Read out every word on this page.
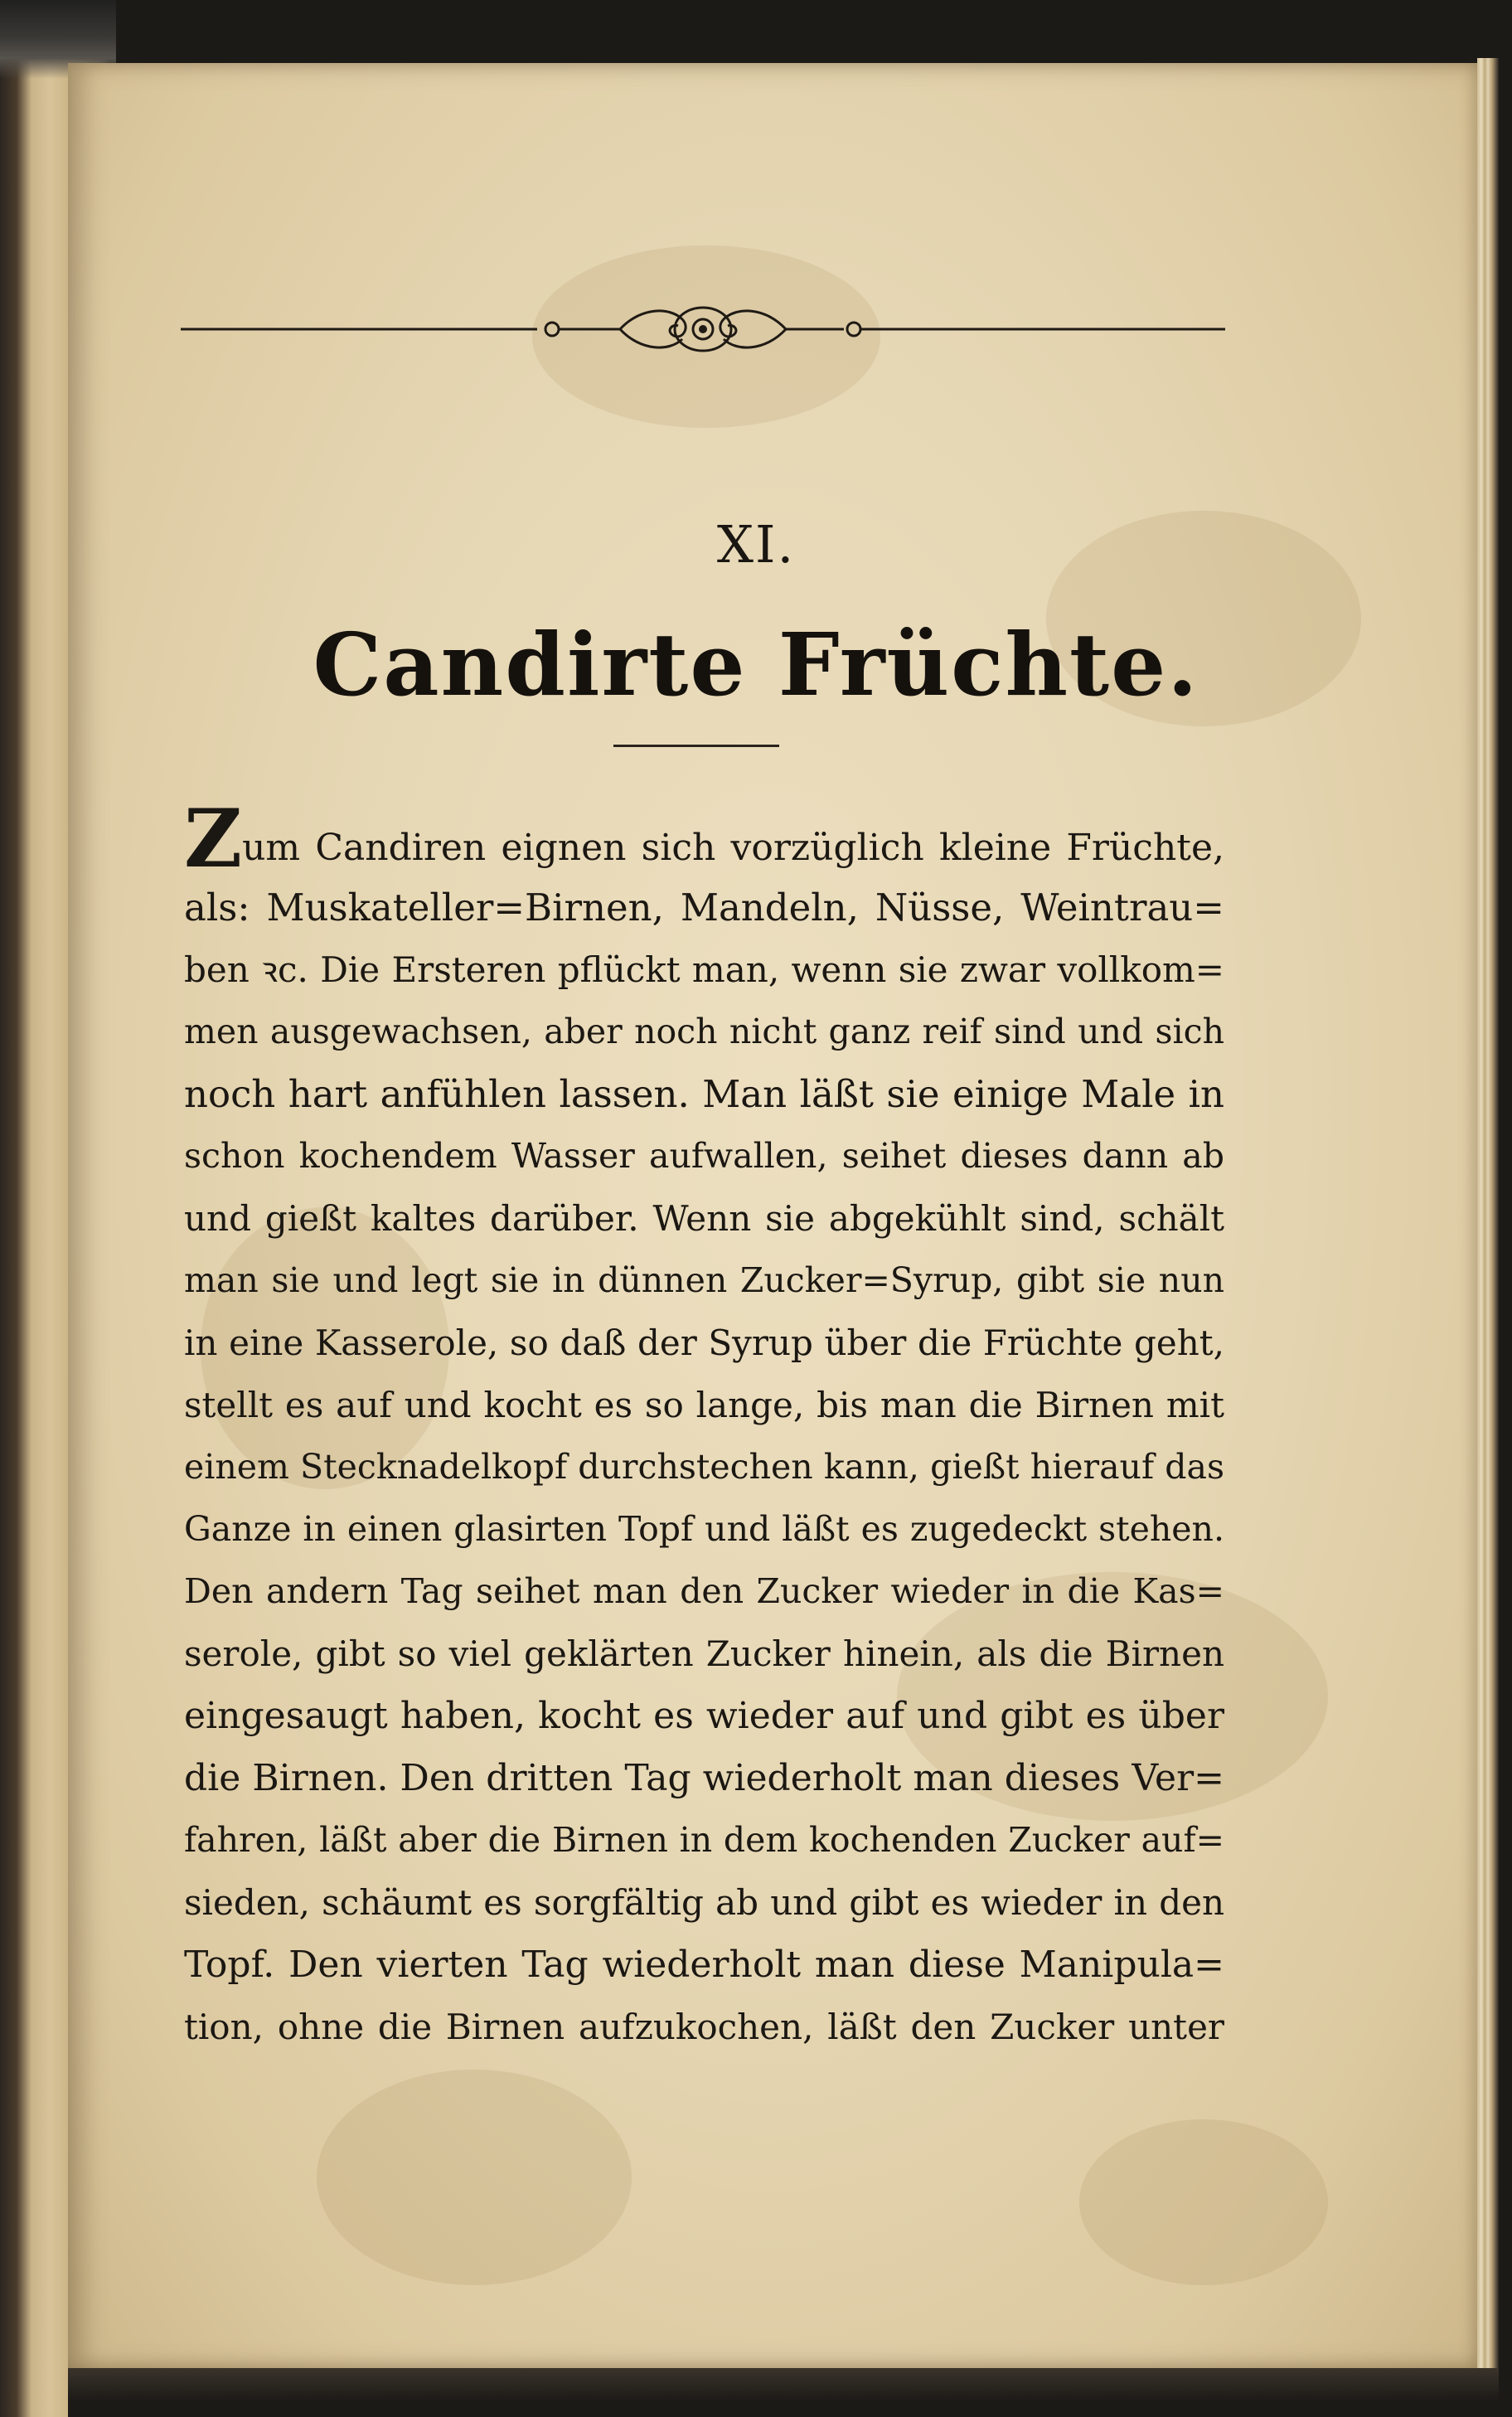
XI.
Candirte Früchte.
Zum Candiren eignen sich vorzüglich kleine Früchte,
als: Muskateller=Birnen, Mandeln, Nüsse, Weintrau=
ben ꝛc. Die Ersteren pflückt man, wenn sie zwar vollkom=
men ausgewachsen, aber noch nicht ganz reif sind und sich
noch hart anfühlen lassen. Man läßt sie einige Male in
schon kochendem Wasser aufwallen, seihet dieses dann ab
und gießt kaltes darüber. Wenn sie abgekühlt sind, schält
man sie und legt sie in dünnen Zucker=Syrup, gibt sie nun
in eine Kasserole, so daß der Syrup über die Früchte geht,
stellt es auf und kocht es so lange, bis man die Birnen mit
einem Stecknadelkopf durchstechen kann, gießt hierauf das
Ganze in einen glasirten Topf und läßt es zugedeckt stehen.
Den andern Tag seihet man den Zucker wieder in die Kas=
serole, gibt so viel geklärten Zucker hinein, als die Birnen
eingesaugt haben, kocht es wieder auf und gibt es über
die Birnen. Den dritten Tag wiederholt man dieses Ver=
fahren, läßt aber die Birnen in dem kochenden Zucker auf=
sieden, schäumt es sorgfältig ab und gibt es wieder in den
Topf. Den vierten Tag wiederholt man diese Manipula=
tion, ohne die Birnen aufzukochen, läßt den Zucker unter
